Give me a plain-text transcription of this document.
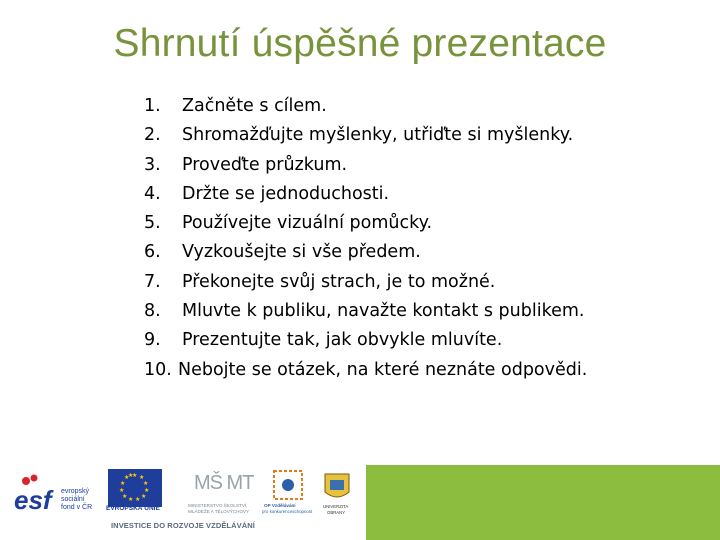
Shrnutí úspěšné prezentace
1. Začněte s cílem.
2. Shromažďujte myšlenky, utřiďte si myšlenky.
3. Proveďte průzkum.
4. Držte se jednoduchosti.
5. Používejte vizuální pomůcky.
6. Vyzkoušejte si vše předem.
7. Překonejte svůj strach, je to možné.
8. Mluvte k publiku, navažte kontakt s publikem.
9. Prezentujte tak, jak obvykle mluvíte.
10. Nebojte se otázek, na které neznáte odpovědi.
esf	evropský
sociální
fond v ČR
★ ★
★
★
★
★
★
★
★
★
★
★
EVROPSKÁ UNIE
MŠ MT
MINISTERSTVO ŠKOLSTVÍ,
MLÁDEŽE A TĚLOVÝCHOVY
OP Vzdělávání
pro konkurenceschopnost
UNIVERZITA
OBRANY
INVESTICE DO ROZVOJE VZDĚLÁVÁNÍ
